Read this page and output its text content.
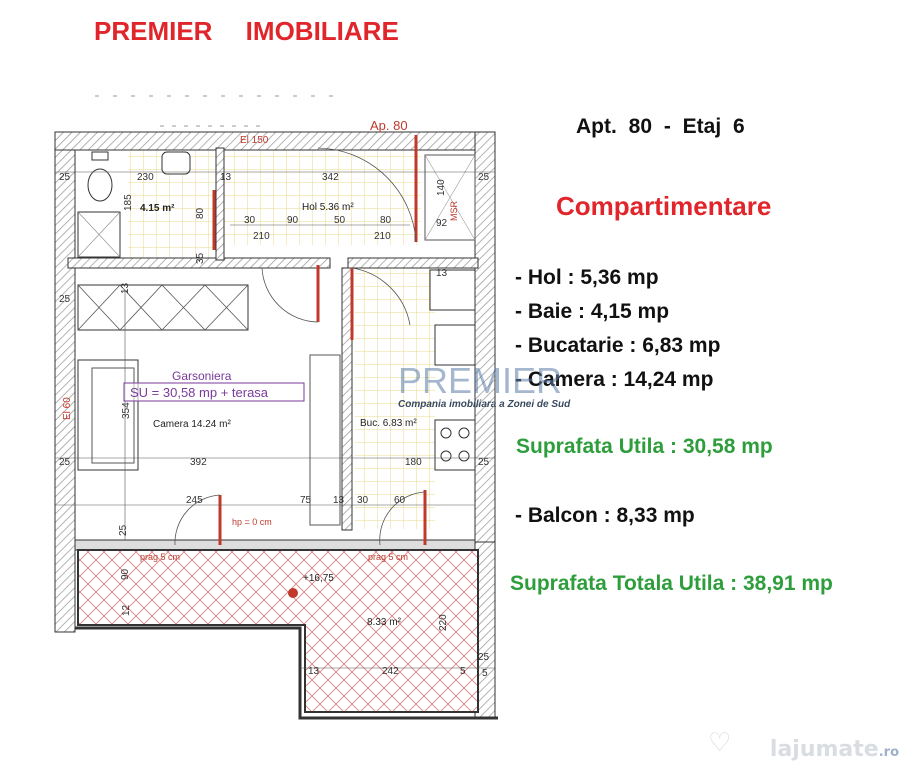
PREMIER IMOBILIARE
Apt. 80 - Etaj 6
Compartimentare
- Hol : 5,36 mp
- Baie : 4,15 mp
- Bucatarie : 6,83 mp
- Camera : 14,24 mp
Suprafata Utila : 30,58 mp
- Balcon : 8,33 mp
Suprafata Totala Utila : 38,91 mp
Ap. 80
El 150
El 60
4.15 m²	Hol 5.36 m²
Camera 14.24 m²	Buc. 6.83 m²
8.33 m²
MSR
Garsoniera
SU = 30,58 mp + terasa
hp = 0 cm
prag 5 cm	prag 5 cm
+16,75
25	230	13	342	25
185
80
30	90	50	80	92
210	210
140
35
13
13
25
354
392	180
25	25
245	75 13 30	60
25
90
12
220
13	242	5
25
5
PREMIER
Compania imobiliara a Zonei de Sud
♡ lajumate.ro
